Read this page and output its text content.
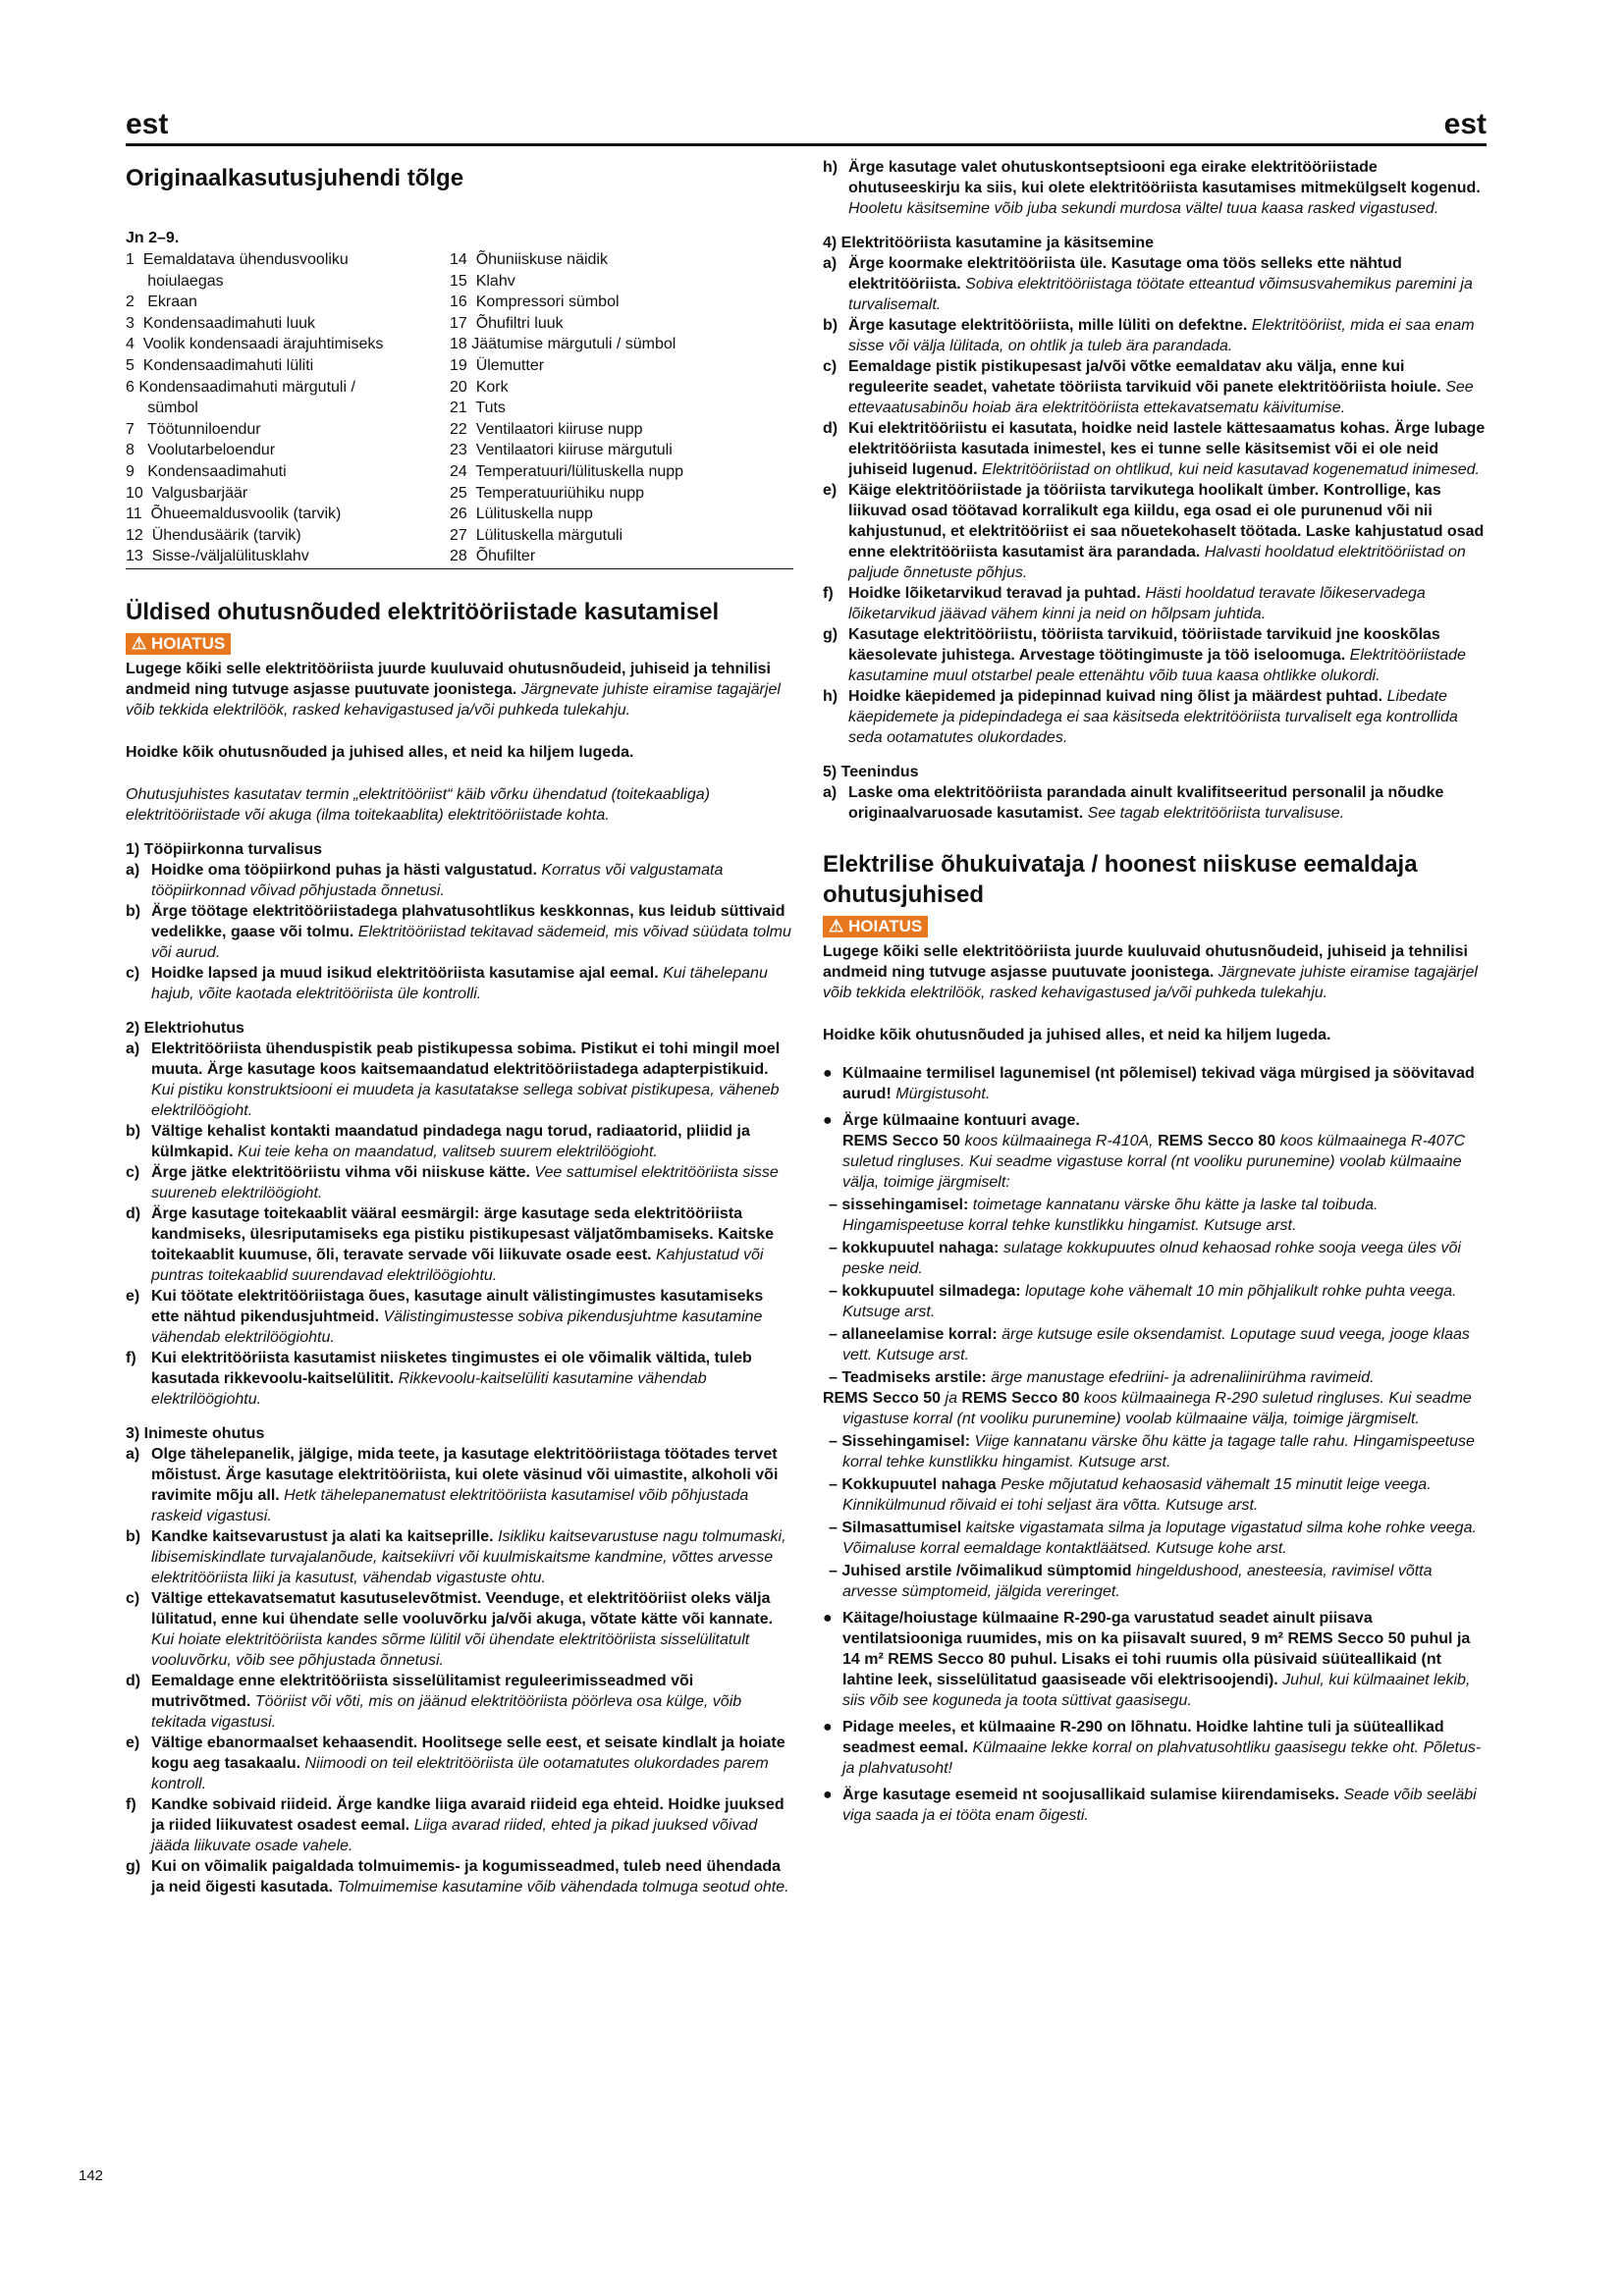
est	est
Originaalkasutusjuhendi tõlge
Jn 2–9.
1  Eemaldatava ühendusvooliku
hoiulaegas
2   Ekraan
3  Kondensaadimahuti luuk
4  Voolik kondensaadi ärajuhtimiseks
5  Kondensaadimahuti lüliti
6 Kondensaadimahuti märgutuli /
sümbol
7   Töötunniloendur
8   Voolutarbeloendur
9   Kondensaadimahuti
10  Valgusbarjäär
11  Õhueemaldusvoolik (tarvik)
12  Ühendusäärik (tarvik)
13  Sisse-/väljalülitusklahv
14  Õhuniiskuse näidik
15  Klahv
16  Kompressori sümbol
17  Õhufiltri luuk
18 Jäätumise märgutuli / sümbol
19  Ülemutter
20  Kork
21  Tuts
22  Ventilaatori kiiruse nupp
23  Ventilaatori kiiruse märgutuli
24  Temperatuuri/lülituskella nupp
25  Temperatuuriühiku nupp
26  Lülituskella nupp
27  Lülituskella märgutuli
28  Õhufilter
Üldised ohutusnõuded elektritööriistade kasutamisel
⚠ HOIATUS

Lugege kõiki selle elektritööriista juurde kuuluvaid ohutusnõudeid, juhiseid ja tehnilisi andmeid ning tutvuge asjasse puutuvate joonistega. Järgnevate juhiste eiramise tagajärjel võib tekkida elektrilöök, rasked kehavigastused ja/või puhkeda tulekahju.

Hoidke kõik ohutusnõuded ja juhised alles, et neid ka hiljem lugeda.

Ohutusjuhistes kasutatav termin „elektritööriist“ käib võrku ühendatud (toitekaabliga) elektritööriistade või akuga (ilma toitekaablita) elektritööriistade kohta.

1) Tööpiirkonna turvalisus

a) Hoidke oma tööpiirkond puhas ja hästi valgustatud. Korratus või valgustamata tööpiirkonnad võivad põhjustada õnnetusi.

b) Ärge töötage elektritööriistadega plahvatusohtlikus keskkonnas, kus leidub süttivaid vedelikke, gaase või tolmu. Elektritööriistad tekitavad sädemeid, mis võivad süüdata tolmu või aurud.

c) Hoidke lapsed ja muud isikud elektritööriista kasutamise ajal eemal. Kui tähelepanu hajub, võite kaotada elektritööriista üle kontrolli.

2) Elektriohutus

a) Elektritööriista ühenduspistik peab pistikupessa sobima. Pistikut ei tohi mingil moel muuta. Ärge kasutage koos kaitsemaandatud elektritööriistadega adapterpistikuid. Kui pistiku konstruktsiooni ei muudeta ja kasutatakse sellega sobivat pistikupesa, väheneb elektrilöögioht.

b) Vältige kehalist kontakti maandatud pindadega nagu torud, radiaatorid, pliidid ja külmkapid. Kui teie keha on maandatud, valitseb suurem elektrilöögioht.

c) Ärge jätke elektritööriistu vihma või niiskuse kätte. Vee sattumisel elektritööriista sisse suureneb elektrilöögioht.

d) Ärge kasutage toitekaablit vääral eesmärgil: ärge kasutage seda elektritööriista kandmiseks, ülesriputamiseks ega pistiku pistikupesast väljatõmbamiseks. Kaitske toitekaablit kuumuse, õli, teravate servade või liikuvate osade eest. Kahjustatud või puntras toitekaablid suurendavad elektrilöögiohtu.

e) Kui töötate elektritööriistaga õues, kasutage ainult välistingimustes kasutamiseks ette nähtud pikendusjuhtmeid. Välistingimustesse sobiva pikendusjuhtme kasutamine vähendab elektrilöögiohtu.

f) Kui elektritööriista kasutamist niisketes tingimustes ei ole võimalik vältida, tuleb kasutada rikkevoolu-kaitselülitit. Rikkevoolu-kaitselüliti kasutamine vähendab elektrilöögiohtu.

3) Inimeste ohutus

a) Olge tähelepanelik, jälgige, mida teete, ja kasutage elektritööriistaga töötades tervet mõistust. Ärge kasutage elektritööriista, kui olete väsinud või uimastite, alkoholi või ravimite mõju all. Hetk tähelepanematust elektritööriista kasutamisel võib põhjustada raskeid vigastusi.

b) Kandke kaitsevarustust ja alati ka kaitseprille. Isikliku kaitsevarustuse nagu tolmumaski, libisemiskindlate turvajalanõude, kaitsekiivri või kuulmiskaitsme kandmine, võttes arvesse elektritööriista liiki ja kasutust, vähendab vigastuste ohtu.

c) Vältige ettekavatsematut kasutuselevõtmist. Veenduge, et elektritööriist oleks välja lülitatud, enne kui ühendate selle vooluvõrku ja/või akuga, võtate kätte või kannate. Kui hoiate elektritööriista kandes sõrme lülitil või ühendate elektritööriista sisselülitatult vooluvõrku, võib see põhjustada õnnetusi.

d) Eemaldage enne elektritööriista sisselülitamist reguleerimisseadmed või mutrivõtmed. Tööriist või võti, mis on jäänud elektritööriista pöörleva osa külge, võib tekitada vigastusi.

e) Vältige ebanormaalset kehaasendit. Hoolitsege selle eest, et seisate kindlalt ja hoiate kogu aeg tasakaalu. Niimoodi on teil elektritööriista üle ootamatutes olukordades parem kontroll.

f) Kandke sobivaid riideid. Ärge kandke liiga avaraid riideid ega ehteid. Hoidke juuksed ja riided liikuvatest osadest eemal. Liiga avarad riided, ehted ja pikad juuksed võivad jääda liikuvate osade vahele.

g) Kui on võimalik paigaldada tolmuimemis- ja kogumisseadmed, tuleb need ühendada ja neid õigesti kasutada. Tolmuimemise kasutamine võib vähendada tolmuga seotud ohte.

h) Ärge kasutage valet ohutuskontseptsiooni ega eirake elektritööriistade ohutuseeskirju ka siis, kui olete elektritööriista kasutamises mitmekülgselt kogenud. Hooletu käsitsemine võib juba sekundi murdosa vältel tuua kaasa rasked vigastused.

4) Elektritööriista kasutamine ja käsitsemine

a) Ärge koormake elektritööriista üle. Kasutage oma töös selleks ette nähtud elektritööriista. Sobiva elektritööriistaga töötate etteantud võimsusvahemikus paremini ja turvalisemalt.

b) Ärge kasutage elektritööriista, mille lüliti on defektne. Elektritööriist, mida ei saa enam sisse või välja lülitada, on ohtlik ja tuleb ära parandada.

c) Eemaldage pistik pistikupesast ja/või võtke eemaldatav aku välja, enne kui reguleerite seadet, vahetate tööriista tarvikuid või panete elektritööriista hoiule. See ettevaatusabinõu hoiab ära elektritööriista ettekavatsematu käivitumise.

d) Kui elektritööriistu ei kasutata, hoidke neid lastele kättesaamatus kohas. Ärge lubage elektritööriista kasutada inimestel, kes ei tunne selle käsitsemist või ei ole neid juhiseid lugenud. Elektritööriistad on ohtlikud, kui neid kasutavad kogenematud inimesed.

e) Käige elektritööriistade ja tööriista tarvikutega hoolikalt ümber. Kontrollige, kas liikuvad osad töötavad korralikult ega kiildu, ega osad ei ole purunenud või nii kahjustunud, et elektritööriist ei saa nõuetekohaselt töötada. Laske kahjustatud osad enne elektritööriista kasutamist ära parandada. Halvasti hooldatud elektritööriistad on paljude õnnetuste põhjus.

f) Hoidke lõiketarvikud teravad ja puhtad. Hästi hooldatud teravate lõikeservadega lõiketarvikud jäävad vähem kinni ja neid on hõlpsam juhtida.

g) Kasutage elektritööriistu, tööriista tarvikuid, tööriistade tarvikuid jne kooskõlas käesolevate juhistega. Arvestage töötingimuste ja töö iseloomuga. Elektritööriistade kasutamine muul otstarbel peale ettenähtu võib tuua kaasa ohtlikke olukordi.

h) Hoidke käepidemed ja pidepinnad kuivad ning õlist ja määrdest puhtad. Libedate käepidemete ja pidepindadega ei saa käsitseda elektritööriista turvaliselt ega kontrollida seda ootamatutes olukordades.

5) Teenindus

a) Laske oma elektritööriista parandada ainult kvalifitseeritud personalil ja nõudke originaalvaruosade kasutamist. See tagab elektritööriista turvalisuse.

Elektrilise õhukuivataja / hoonest niiskuse eemaldaja ohutusjuhised
⚠ HOIATUS

Lugege kõiki selle elektritööriista juurde kuuluvaid ohutusnõudeid, juhiseid ja tehnilisi andmeid ning tutvuge asjasse puutuvate joonistega. Järgnevate juhiste eiramise tagajärjel võib tekkida elektrilöök, rasked kehavigastused ja/või puhkeda tulekahju.

Hoidke kõik ohutusnõuded ja juhised alles, et neid ka hiljem lugeda.

● Külmaaine termilisel lagunemisel (nt põlemisel) tekivad väga mürgised ja söövitavad aurud! Mürgistusoht.

● Ärge külmaaine kontuuri avage.
REMS Secco 50 koos külmaainega R-410A, REMS Secco 80 koos külmaainega R-407C suletud ringluses. Kui seadme vigastuse korral (nt vooliku purunemine) voolab külmaaine välja, toimige järgmiselt:

– sissehingamisel: toimetage kannatanu värske õhu kätte ja laske tal toibuda. Hingamispeetuse korral tehke kunstlikku hingamist. Kutsuge arst.

– kokkupuutel nahaga: sulatage kokkupuutes olnud kehaosad rohke sooja veega üles või peske neid.

– kokkupuutel silmadega: loputage kohe vähemalt 10 min põhjalikult rohke puhta veega. Kutsuge arst.

– allaneelamise korral: ärge kutsuge esile oksendamist. Loputage suud veega, jooge klaas vett. Kutsuge arst.

– Teadmiseks arstile: ärge manustage efedriini- ja adrenaliinirühma ravimeid.

REMS Secco 50 ja REMS Secco 80 koos külmaainega R-290 suletud ringluses. Kui seadme vigastuse korral (nt vooliku purunemine) voolab külmaaine välja, toimige järgmiselt.

– Sissehingamisel: Viige kannatanu värske õhu kätte ja tagage talle rahu. Hingamispeetuse korral tehke kunstlikku hingamist. Kutsuge arst.

– Kokkupuutel nahaga Peske mõjutatud kehaosasid vähemalt 15 minutit leige veega. Kinnikülmunud rõivaid ei tohi seljast ära võtta. Kutsuge arst.

– Silmasattumisel kaitske vigastamata silma ja loputage vigastatud silma kohe rohke veega. Võimaluse korral eemaldage kontaktläätsed. Kutsuge kohe arst.

– Juhised arstile /võimalikud sümptomid hingeldushood, anesteesia, ravimisel võtta arvesse sümptomeid, jälgida vereringet.

● Käitage/hoiustage külmaaine R-290-ga varustatud seadet ainult piisava ventilatsiooniga ruumides, mis on ka piisavalt suured, 9 m² REMS Secco 50 puhul ja 14 m² REMS Secco 80 puhul. Lisaks ei tohi ruumis olla püsivaid süüteallikaid (nt lahtine leek, sisselülitatud gaasiseade või elektrisoojendi). Juhul, kui külmaainet lekib, siis võib see koguneda ja toota süttivat gaasisegu.

● Pidage meeles, et külmaaine R-290 on lõhnatu. Hoidke lahtine tuli ja süüteallikad seadmest eemal. Külmaaine lekke korral on plahvatusohtliku gaasisegu tekke oht. Põletus- ja plahvatusoht!

● Ärge kasutage esemeid nt soojusallikaid sulamise kiirendamiseks. Seade võib seeläbi viga saada ja ei tööta enam õigesti.

142
